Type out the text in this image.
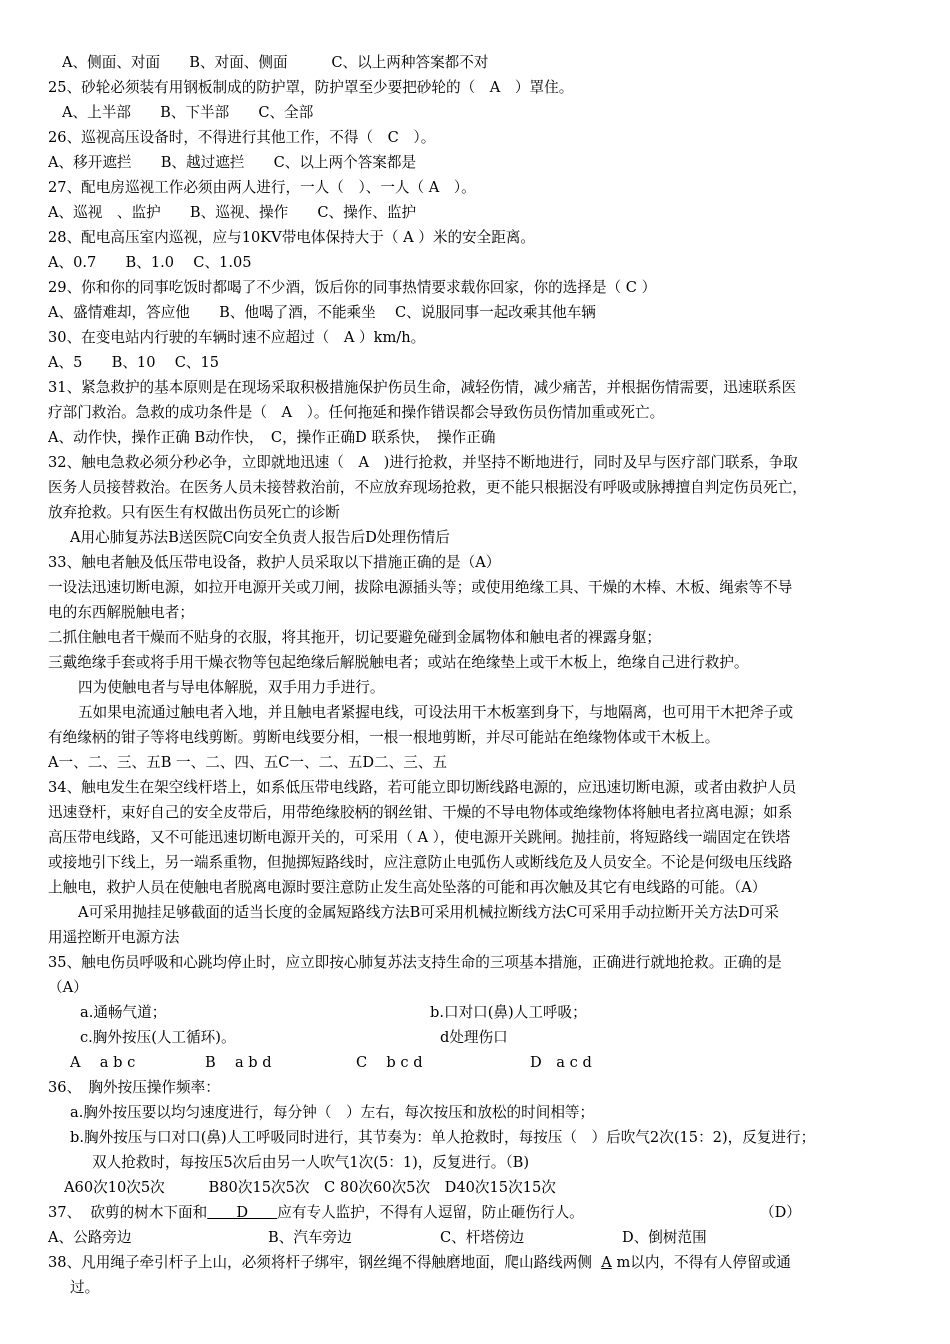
A、侧面、对面　　B、对面、侧面　　　C、以上两种答案都不对
25、砂轮必须装有用钢板制成的防护罩，防护罩至少要把砂轮的（　A　）罩住。
A、上半部　　B、下半部　　C、全部
26、巡视高压设备时，不得进行其他工作，不得（　C　）。
A、移开遮拦　　B、越过遮拦　　C、以上两个答案都是
27、配电房巡视工作必须由两人进行，一人（　）、一人（ A　）。
A、巡视　、监护　　B、巡视、操作　　C、操作、监护
28、配电高压室内巡视，应与10KV带电体保持大于（ A ）米的安全距离。
A、0.7　　B、1.0　 C、1.05
29、你和你的同事吃饭时都喝了不少酒，饭后你的同事热情要求载你回家，你的选择是（ C ）
A、盛情难却，答应他　　B、他喝了酒，不能乘坐　 C、说服同事一起改乘其他车辆
30、在变电站内行驶的车辆时速不应超过（　A ）km/h。
A、5　　B、10　 C、15
31、紧急救护的基本原则是在现场采取积极措施保护伤员生命，减轻伤情，减少痛苦，并根据伤情需要，迅速联系医
疗部门救治。急救的成功条件是（　A　）。任何拖延和操作错误都会导致伤员伤情加重或死亡。
A、动作快，操作正确 B动作快，　C，操作正确D 联系快，　操作正确
32、触电急救必须分秒必争，立即就地迅速（　A　)进行抢救，并坚持不断地进行，同时及早与医疗部门联系，争取
医务人员接替救治。在医务人员未接替救治前，不应放弃现场抢救，更不能只根据没有呼吸或脉搏擅自判定伤员死亡，
放弃抢救。只有医生有权做出伤员死亡的诊断
A用心肺复苏法B送医院C向安全负责人报告后D处理伤情后
33、触电者触及低压带电设备，救护人员采取以下措施正确的是（A）
一设法迅速切断电源，如拉开电源开关或刀闸，拔除电源插头等；或使用绝缘工具、干燥的木棒、木板、绳索等不导
电的东西解脱触电者；
二抓住触电者干燥而不贴身的衣服，将其拖开，切记要避免碰到金属物体和触电者的裸露身躯；
三戴绝缘手套或将手用干燥衣物等包起绝缘后解脱触电者；或站在绝缘垫上或干木板上，绝缘自己进行救护。
四为使触电者与导电体解脱，双手用力手进行。
五如果电流通过触电者入地，并且触电者紧握电线，可设法用干木板塞到身下，与地隔离，也可用干木把斧子或
有绝缘柄的钳子等将电线剪断。剪断电线要分相，一根一根地剪断，并尽可能站在绝缘物体或干木板上。
A一、二、三、五B 一、二、四、五C一、二、五D二、三、五
34、触电发生在架空线杆塔上，如系低压带电线路，若可能立即切断线路电源的，应迅速切断电源，或者由救护人员
迅速登杆，束好自己的安全皮带后，用带绝缘胶柄的钢丝钳、干燥的不导电物体或绝缘物体将触电者拉离电源；如系
高压带电线路，又不可能迅速切断电源开关的，可采用（ A ），使电源开关跳闸。抛挂前，将短路线一端固定在铁塔
或接地引下线上，另一端系重物，但抛掷短路线时，应注意防止电弧伤人或断线危及人员安全。不论是何级电压线路
上触电，救护人员在使触电者脱离电源时要注意防止发生高处坠落的可能和再次触及其它有电线路的可能。（A）
A可采用抛挂足够截面的适当长度的金属短路线方法B可采用机械拉断线方法C可采用手动拉断开关方法D可采
用遥控断开电源方法
35、触电伤员呼吸和心跳均停止时，应立即按心肺复苏法支持生命的三项基本措施，正确进行就地抢救。正确的是
（A）
a.通畅气道；	b.口对口(鼻)人工呼吸；
c.胸外按压(人工循环)。	d处理伤口
A　 a b c	B　 a b d	C　 b c d	D　a c d
36、　胸外按压操作频率：
a.胸外按压要以均匀速度进行，每分钟（　）左右，每次按压和放松的时间相等；
b.胸外按压与口对口(鼻)人工呼吸同时进行，其节奏为：单人抢救时，每按压（　）后吹气2次(15：2)，反复进行；
双人抢救时，每按压5次后由另一人吹气1次(5：1)，反复进行。（B)
A60次10次5次　　　B80次15次5次　C 80次60次5次　D40次15次15次
37、 砍剪的树木下面和　　D　　应有专人监护，不得有人逗留，防止砸伤行人。	（D）
A、公路旁边	B、汽车旁边	C、杆塔傍边	D、倒树范围
38、凡用绳子牵引杆子上山，必须将杆子绑牢，钢丝绳不得触磨地面，爬山路线两侧 A m以内，不得有人停留或通
过。
